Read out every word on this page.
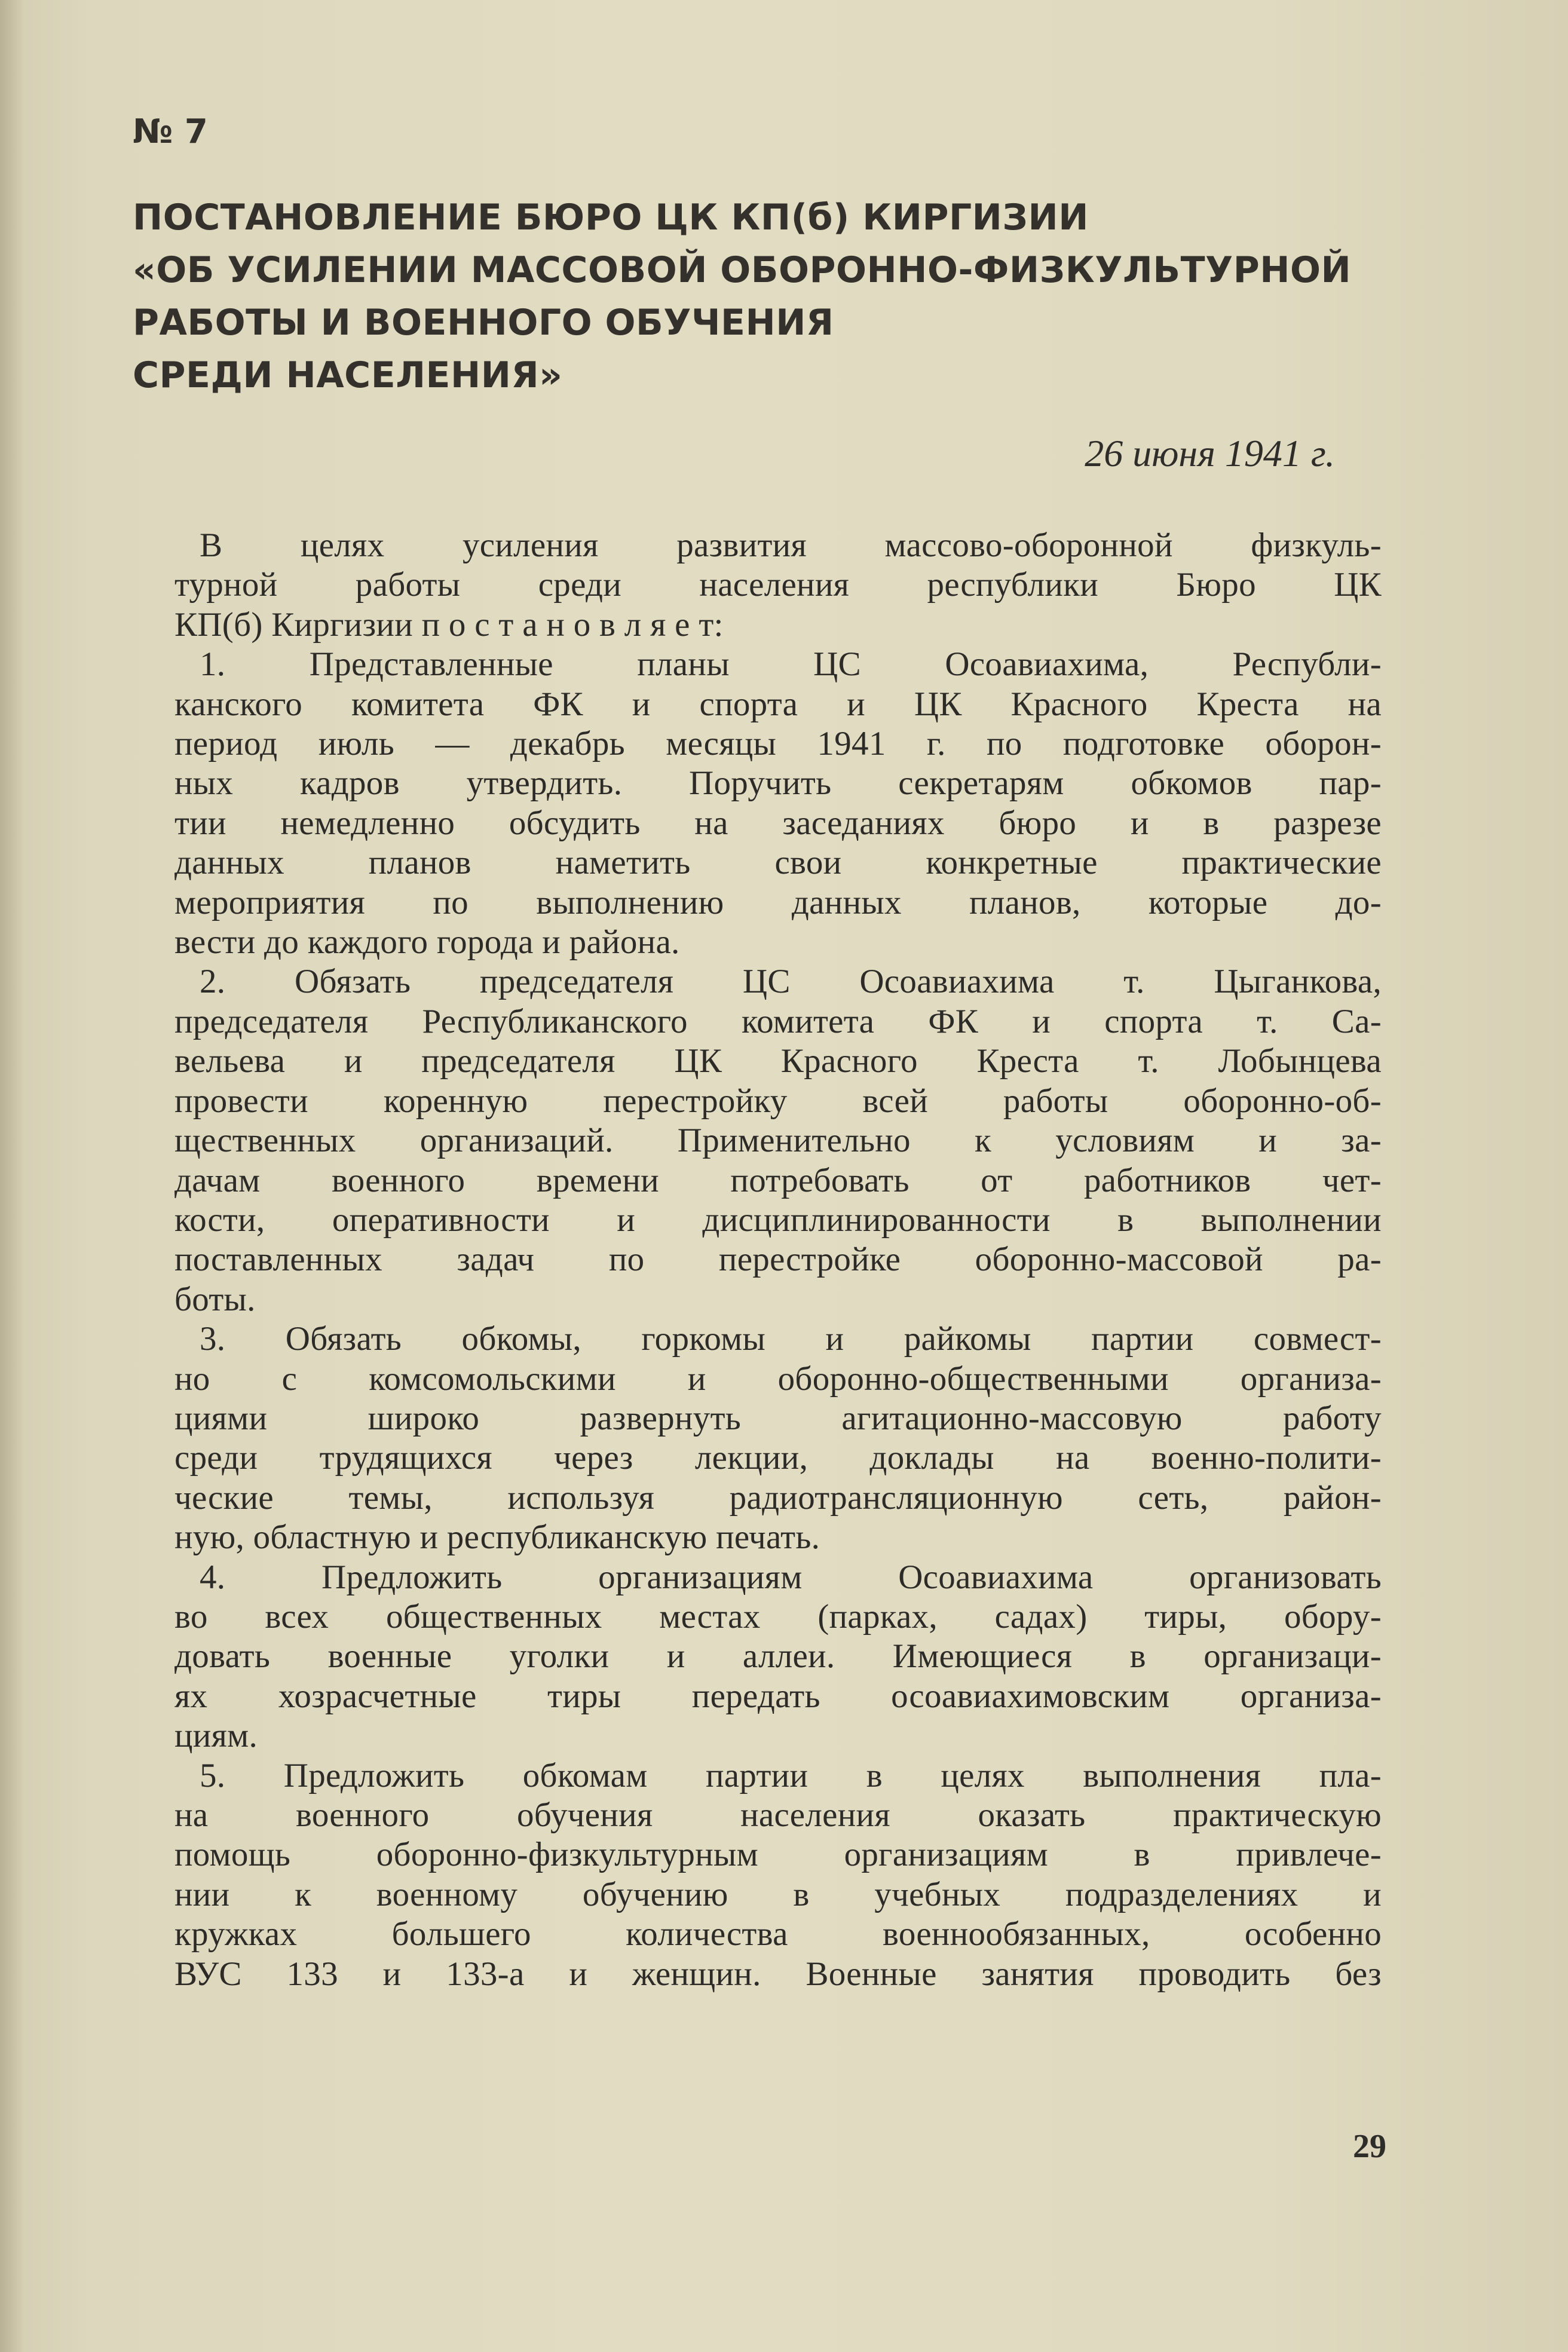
№ 7

ПОСТАНОВЛЕНИЕ БЮРО ЦК КП(б) КИРГИЗИИ
«ОБ УСИЛЕНИИ МАССОВОЙ ОБОРОННО-ФИЗКУЛЬТУРНОЙ
РАБОТЫ И ВОЕННОГО ОБУЧЕНИЯ
СРЕДИ НАСЕЛЕНИЯ»

26 июня 1941 г.

В целях усиления развития массово-оборонной физкуль-
турной работы среди населения республики Бюро ЦК
КП(б) Киргизии п о с т а н о в л я е т:
1. Представленные планы ЦС Осоавиахима, Республи-
канского комитета ФК и спорта и ЦК Красного Креста на
период июль — декабрь месяцы 1941 г. по подготовке оборон-
ных кадров утвердить. Поручить секретарям обкомов пар-
тии немедленно обсудить на заседаниях бюро и в разрезе
данных планов наметить свои конкретные практические
мероприятия по выполнению данных планов, которые до-
вести до каждого города и района.
2. Обязать председателя ЦС Осоавиахима т. Цыганкова,
председателя Республиканского комитета ФК и спорта т. Са-
вельева и председателя ЦК Красного Креста т. Лобынцева
провести коренную перестройку всей работы оборонно-об-
щественных организаций. Применительно к условиям и за-
дачам военного времени потребовать от работников чет-
кости, оперативности и дисциплинированности в выполнении
поставленных задач по перестройке оборонно-массовой ра-
боты.
3. Обязать обкомы, горкомы и райкомы партии совмест-
но с комсомольскими и оборонно-общественными организа-
циями широко развернуть агитационно-массовую работу
среди трудящихся через лекции, доклады на военно-полити-
ческие темы, используя радиотрансляционную сеть, район-
ную, областную и республиканскую печать.
4. Предложить организациям Осоавиахима организовать
во всех общественных местах (парках, садах) тиры, обору-
довать военные уголки и аллеи. Имеющиеся в организаци-
ях хозрасчетные тиры передать осоавиахимовским организа-
циям.
5. Предложить обкомам партии в целях выполнения пла-
на военного обучения населения оказать практическую
помощь оборонно-физкультурным организациям в привлече-
нии к военному обучению в учебных подразделениях и
кружках большего количества военнообязанных, особенно
ВУС 133 и 133-а и женщин. Военные занятия проводить без

29
